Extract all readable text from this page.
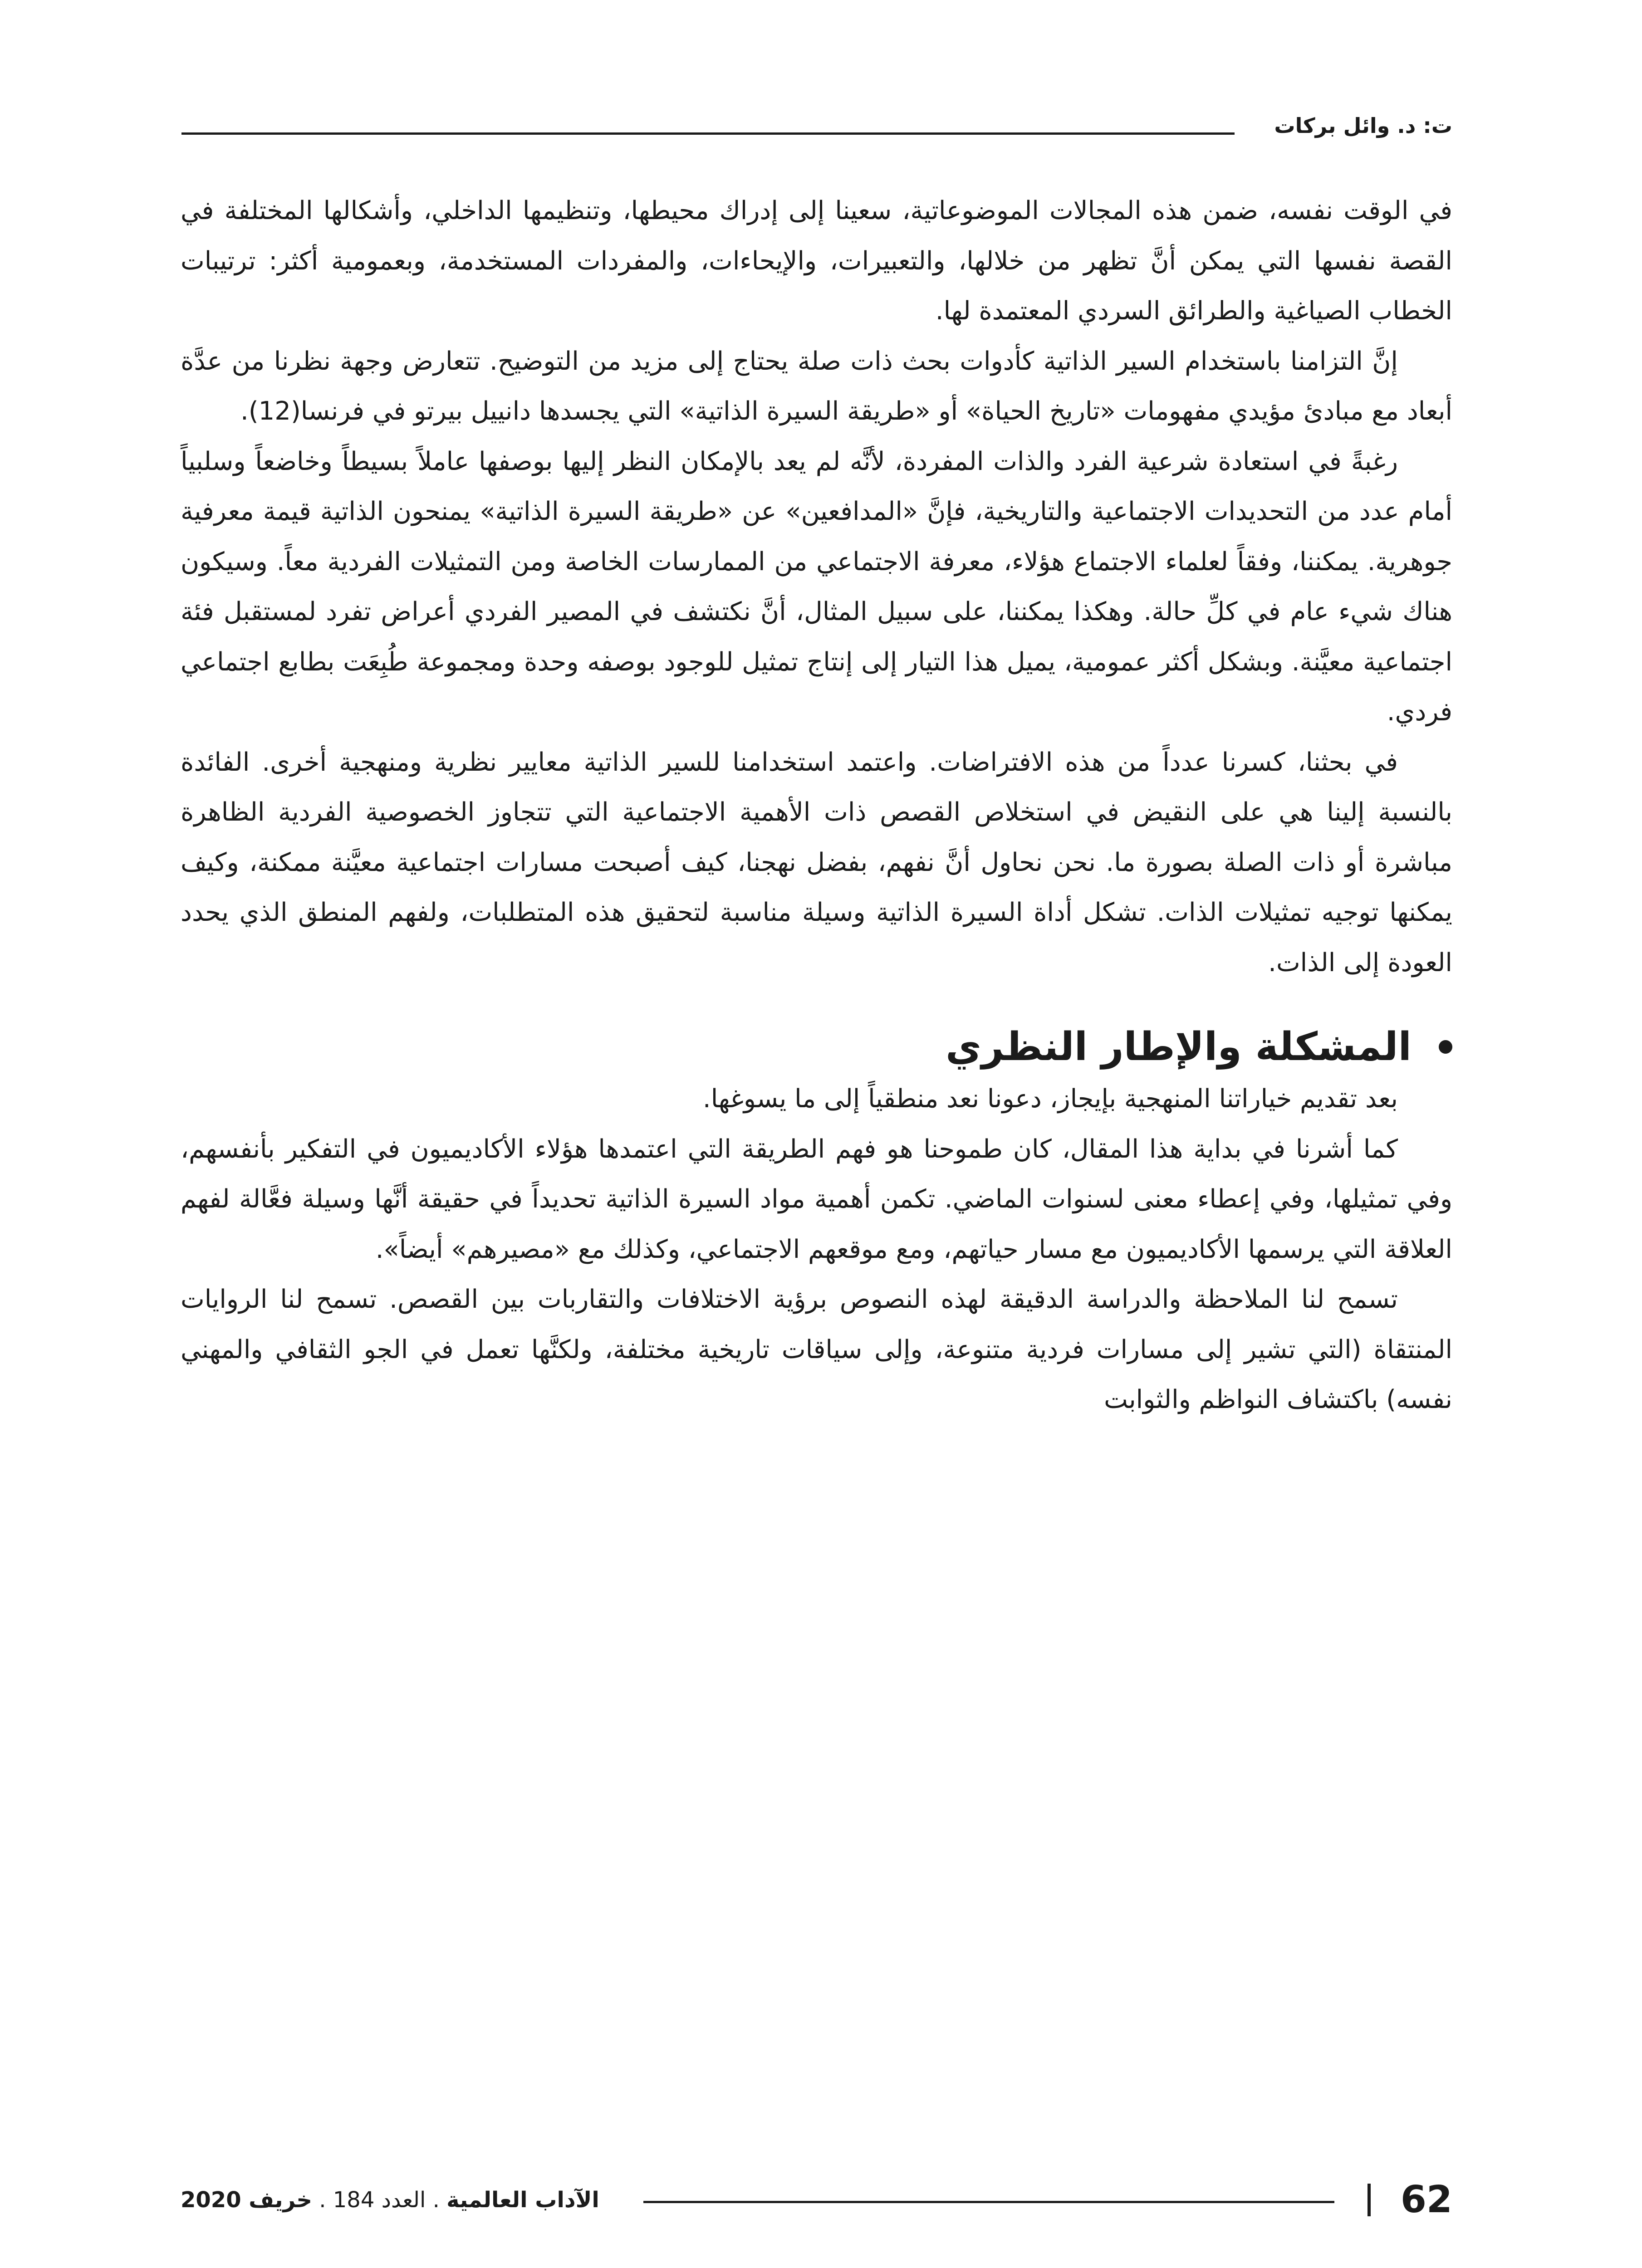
ت: د. وائل بركات

في الوقت نفسه، ضمن هذه المجالات الموضوعاتية، سعينا إلى إدراك محيطها، وتنظيمها الداخلي، وأشكالها المختلفة في القصة نفسها التي يمكن أنَّ تظهر من خلالها، والتعبيرات، والإيحاءات، والمفردات المستخدمة، وبعمومية أكثر: ترتيبات الخطاب الصياغية والطرائق السردي المعتمدة لها.

إنَّ التزامنا باستخدام السير الذاتية كأدوات بحث ذات صلة يحتاج إلى مزيد من التوضيح. تتعارض وجهة نظرنا من عدَّة أبعاد مع مبادئ مؤيدي مفهومات «تاريخ الحياة» أو «طريقة السيرة الذاتية» التي يجسدها دانييل بيرتو في فرنسا(12).

رغبةً في استعادة شرعية الفرد والذات المفردة، لأنَّه لم يعد بالإمكان النظر إليها بوصفها عاملاً بسيطاً وخاضعاً وسلبياً أمام عدد من التحديدات الاجتماعية والتاريخية، فإنَّ «المدافعين» عن «طريقة السيرة الذاتية» يمنحون الذاتية قيمة معرفية جوهرية. يمكننا، وفقاً لعلماء الاجتماع هؤلاء، معرفة الاجتماعي من الممارسات الخاصة ومن التمثيلات الفردية معاً. وسيكون هناك شيء عام في كلِّ حالة. وهكذا يمكننا، على سبيل المثال، أنَّ نكتشف في المصير الفردي أعراض تفرد لمستقبل فئة اجتماعية معيَّنة. وبشكل أكثر عمومية، يميل هذا التيار إلى إنتاج تمثيل للوجود بوصفه وحدة ومجموعة طُبِعَت بطابع اجتماعي فردي.

في بحثنا، كسرنا عدداً من هذه الافتراضات. واعتمد استخدامنا للسير الذاتية معايير نظرية ومنهجية أخرى. الفائدة بالنسبة إلينا هي على النقيض في استخلاص القصص ذات الأهمية الاجتماعية التي تتجاوز الخصوصية الفردية الظاهرة مباشرة أو ذات الصلة بصورة ما. نحن نحاول أنَّ نفهم، بفضل نهجنا، كيف أصبحت مسارات اجتماعية معيَّنة ممكنة، وكيف يمكنها توجيه تمثيلات الذات. تشكل أداة السيرة الذاتية وسيلة مناسبة لتحقيق هذه المتطلبات، ولفهم المنطق الذي يحدد العودة إلى الذات.

المشكلة والإطار النظري

بعد تقديم خياراتنا المنهجية بإيجاز، دعونا نعد منطقياً إلى ما يسوغها.

كما أشرنا في بداية هذا المقال، كان طموحنا هو فهم الطريقة التي اعتمدها هؤلاء الأكاديميون في التفكير بأنفسهم، وفي تمثيلها، وفي إعطاء معنى لسنوات الماضي. تكمن أهمية مواد السيرة الذاتية تحديداً في حقيقة أنَّها وسيلة فعَّالة لفهم العلاقة التي يرسمها الأكاديميون مع مسار حياتهم، ومع موقعهم الاجتماعي، وكذلك مع «مصيرهم» أيضاً».

تسمح لنا الملاحظة والدراسة الدقيقة لهذه النصوص برؤية الاختلافات والتقاربات بين القصص. تسمح لنا الروايات المنتقاة (التي تشير إلى مسارات فردية متنوعة، وإلى سياقات تاريخية مختلفة، ولكنَّها تعمل في الجو الثقافي والمهني نفسه) باكتشاف النواظم والثوابت

62
الآداب العالمية . العدد 184 . خريف 2020
